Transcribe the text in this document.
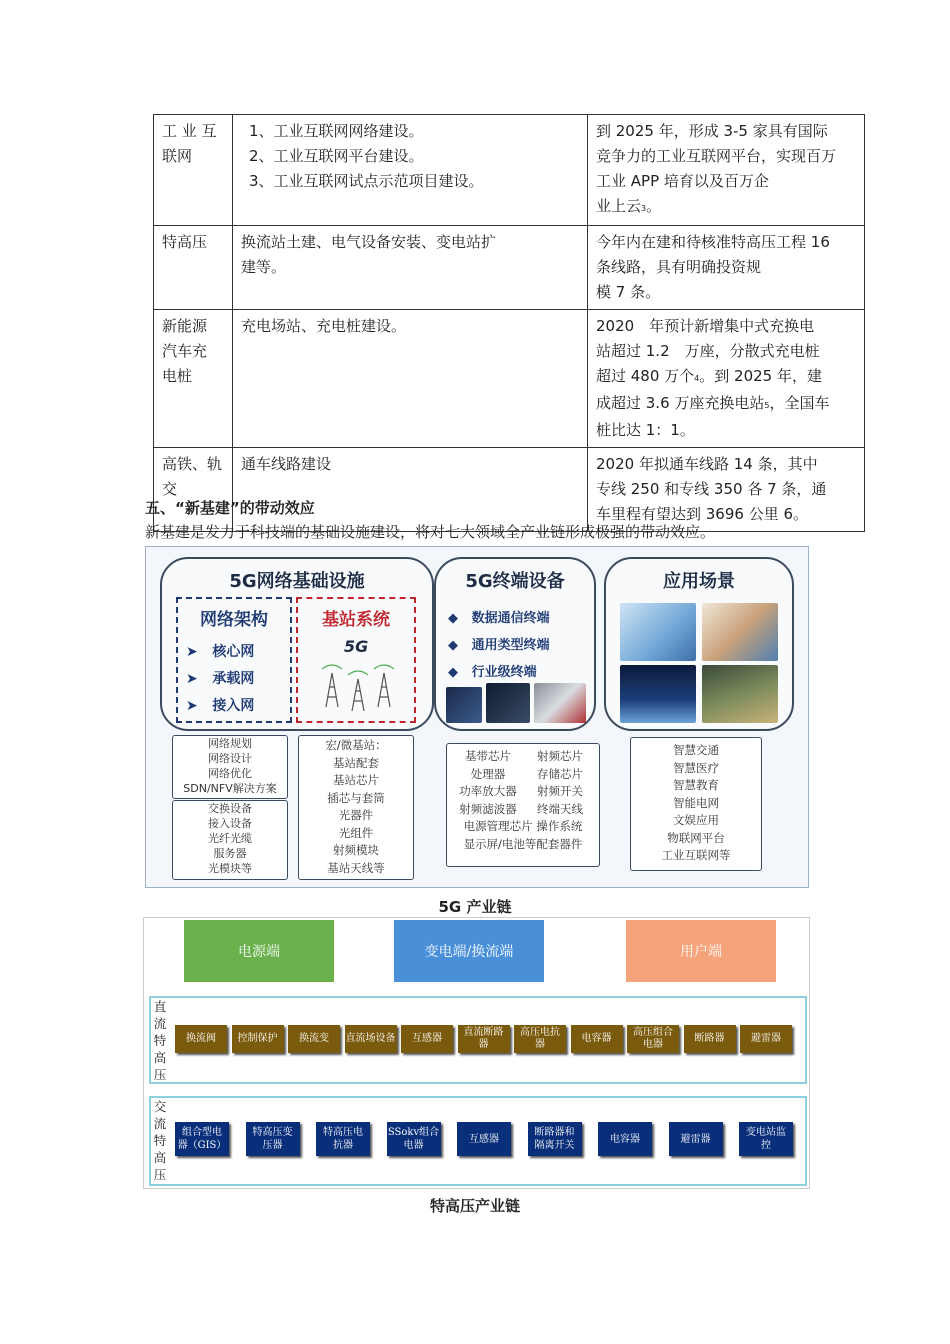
工 业 互
联网	1、工业互联网网络建设。
2、工业互联网平台建设。
3、工业互联网试点示范项目建设。	到 2025 年，形成 3-5 家具有国际
竞争力的工业互联网平台，实现百万
工业 APP 培育以及百万企
业上云3。

特高压	换流站土建、电气设备安装、变电站扩
建等。	今年内在建和待核准特高压工程 16
条线路，具有明确投资规
模 7 条。

新能源
汽车充
电桩	充电场站、充电桩建设。	2020　年预计新增集中式充换电
站超过 1.2　万座，分散式充电桩
超过 480 万个4。到 2025 年，建
成超过 3.6 万座充换电站5，全国车
桩比达 1：1。

高铁、轨
交	通车线路建设	2020 年拟通车线路 14 条，其中
专线 250 和专线 350 各 7 条，通
车里程有望达到 3696 公里 6。
五、“新基建”的带动效应
新基建是发力于科技端的基础设施建设，将对七大领域全产业链形成极强的带动效应。
5G网络基础设施
网络架构
➤ 核心网
➤ 承载网
➤ 接入网
基站系统
5G
5G终端设备
◆ 数据通信终端
◆ 通用类型终端
◆ 行业级终端
应用场景
网络规划
网络设计
网络优化
SDN/NFV解决方案
交换设备
接入设备
光纤光缆
服务器
光模块等
宏/微基站：
基站配套
基站芯片
插芯与套筒
光器件
光组件
射频模块
基站天线等
基带芯片
处理器
功率放大器
射频滤波器
射频芯片
存储芯片
射频开关
终端天线
电源管理芯片 操作系统
显示屏/电池等配套器件
智慧交通
智慧医疗
智慧教育
智能电网
文娱应用
物联网平台
工业互联网等
5G 产业链
电源端	变电端/换流端	用户端
直
流
特
高
压
换流阀 控制保护 换流变 直流场设备 互感器
直流断路
器
高压电抗
器
电容器
高压组合
电器
断路器	避雷器
交
流
特
高
压
组合型电
器（GIS）
特高压变
压器
特高压电
抗器
SSokv组合
电器
互感器
断路器和
隔离开关
电容器	避雷器
变电站监
控
特高压产业链
